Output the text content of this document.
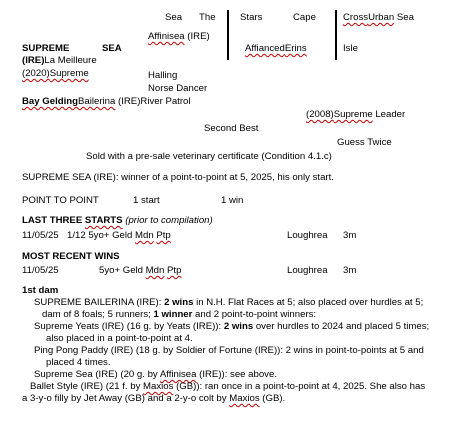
Sea The	Stars	Cape	CrossUrban Sea
Affinisea (IRE)
SUPREME	SEA	AffiancedErins	Isle
(IRE)La Meilleure
(2020)Supreme	Halling
Norse Dancer
Bay GeldingBailerina (IRE)River Patrol
(2008)Supreme Leader
Second Best
Guess Twice
Sold with a pre-sale veterinary certificate (Condition 4.1.c)
SUPREME SEA (IRE): winner of a point-to-point at 5, 2025, his only start.
POINT TO POINT	1 start	1 win
LAST THREE STARTS (prior to compilation)
11/05/25 1/12 5yo+ Geld Mdn Ptp	Loughrea 3m
MOST RECENT WINS
11/05/25	5yo+ Geld Mdn Ptp	Loughrea 3m
1st dam
SUPREME BAILERINA (IRE): 2 wins in N.H. Flat Races at 5; also placed over hurdles at 5; dam of 8 foals; 5 runners; 1 winner and 2 point-to-point winners:
Supreme Yeats (IRE) (16 g. by Yeats (IRE)): 2 wins over hurdles to 2024 and placed 5 times; also placed in a point-to-point at 4.
Ping Pong Paddy (IRE) (18 g. by Soldier of Fortune (IRE)): 2 wins in point-to-points at 5 and placed 4 times.
Supreme Sea (IRE) (20 g. by Affinisea (IRE)): see above.
Ballet Style (IRE) (21 f. by Maxios (GB)): ran once in a point-to-point at 4, 2025. She also has a 3-y-o filly by Jet Away (GB) and a 2-y-o colt by Maxios (GB).
